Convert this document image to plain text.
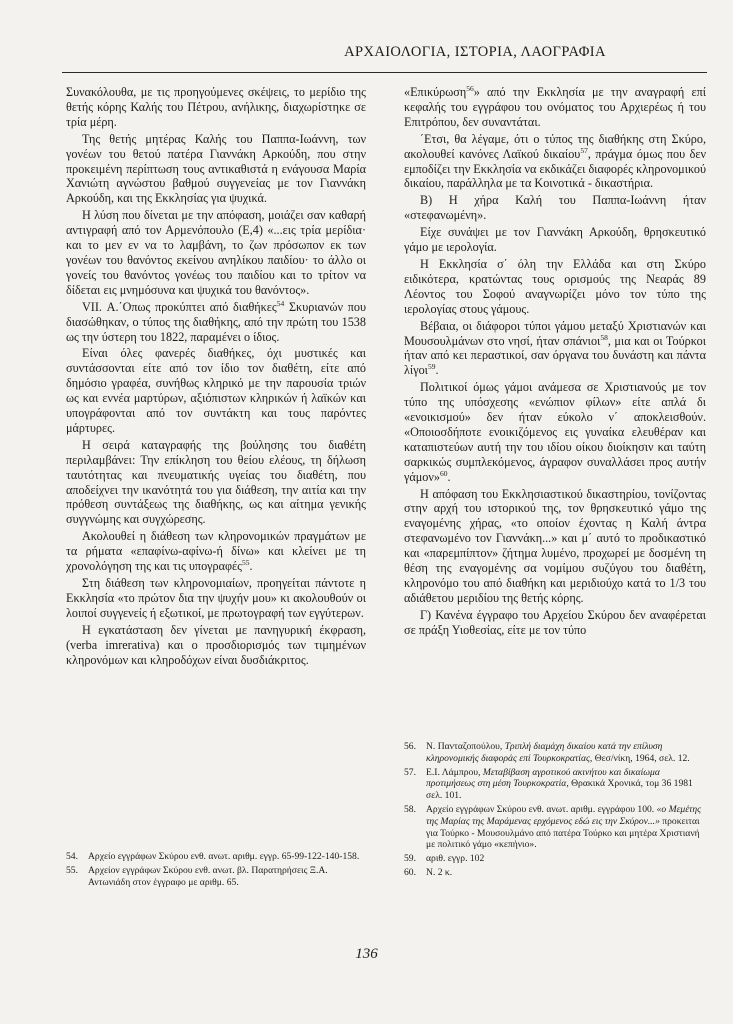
ΑΡΧΑΙΟΛΟΓΙΑ, ΙΣΤΟΡΙΑ, ΛΑΟΓΡΑΦΙΑ

Συνακόλουθα, με τις προηγούμενες σκέψεις, το μερίδιο της θετής κόρης Καλής του Πέτρου, ανήλικης, διαχωρίστηκε σε τρία μέρη.

Της θετής μητέρας Καλής του Παππα-Ιωάννη, των γονέων του θετού πατέρα Γιαννάκη Αρκούδη, που στην προκειμένη περίπτωση τους αντικαθιστά η ενάγουσα Μαρία Χανιώτη αγνώστου βαθμού συγγενείας με τον Γιαννάκη Αρκούδη, και της Εκκλησίας για ψυχικά.

Η λύση που δίνεται με την απόφαση, μοιάζει σαν καθαρή αντιγραφή από τον Αρμενόπουλο (Ε,4) «...εις τρία μερίδια· και το μεν εν να το λαμβάνη, το ζων πρόσωπον εκ των γονέων του θανόντος εκείνου ανηλίκου παιδίου· το άλλο οι γονείς του θανόντος γονέως του παιδίου και το τρίτον να δίδεται εις μνημόσυνα και ψυχικά του θανόντος».

VII. Α.΄Οπως προκύπτει από διαθήκες$^{54}$ Σκυριανών που διασώθηκαν, ο τύπος της διαθήκης, από την πρώτη του 1538 ως την ύστερη του 1822, παραμένει ο ίδιος.

Είναι όλες φανερές διαθήκες, όχι μυστικές και συντάσσονται είτε από τον ίδιο τον διαθέτη, είτε από δημόσιο γραφέα, συνήθως κληρικό με την παρουσία τριών ως και εννέα μαρτύρων, αξιόπιστων κληρικών ή λαϊκών και υπογράφονται από τον συντάκτη και τους παρόντες μάρτυρες.

Η σειρά καταγραφής της βούλησης του διαθέτη περιλαμβάνει: Την επίκληση του θείου ελέους, τη δήλωση ταυτότητας και πνευματικής υγείας του διαθέτη, που αποδείχνει την ικανότητά του για διάθεση, την αιτία και την πρόθεση συντάξεως της διαθήκης, ως και αίτημα γενικής συγγνώμης και συγχώρεσης.

Ακολουθεί η διάθεση των κληρονομικών πραγμάτων με τα ρήματα «επαφίνω-αφίνω-ή δίνω» και κλείνει με τη χρονολόγηση της και τις υπογραφές$^{55}$.

Στη διάθεση των κληρονομιαίων, προηγείται πάντοτε η Εκκλησία «το πρώτον δια την ψυχήν μου» κι ακολουθούν οι λοιποί συγγενείς ή εξωτικοί, με πρωτογραφή των εγγύτερων.

Η εγκατάσταση δεν γίνεται με πανηγυρική έκφραση, (verba imrerativa) και ο προσδιορισμός των τιμημένων κληρονόμων και κληροδόχων είναι δυσδιάκριτος.

«Επικύρωση$^{56}$» από την Εκκλησία με την αναγραφή επί κεφαλής του εγγράφου του ονόματος του Αρχιερέως ή του Επιτρόπου, δεν συναντάται.

΄Ετσι, θα λέγαμε, ότι ο τύπος της διαθήκης στη Σκύρο, ακολουθεί κανόνες Λαϊκού δικαίου$^{57}$, πράγμα όμως που δεν εμποδίζει την Εκκλησία να εκδικάζει διαφορές κληρονομικού δικαίου, παράλληλα με τα Κοινοτικά - δικαστήρια.

Β) Η χήρα Καλή του Παππα-Ιωάννη ήταν «στεφανωμένη».

Είχε συνάψει με τον Γιαννάκη Αρκούδη, θρησκευτικό γάμο με ιερολογία.

Η Εκκλησία σ΄ όλη την Ελλάδα και στη Σκύρο ειδικότερα, κρατώντας τους ορισμούς της Νεαράς 89 Λέοντος του Σοφού αναγνωρίζει μόνο τον τύπο της ιερολογίας στους γάμους.

Βέβαια, οι διάφοροι τύποι γάμου μεταξύ Χριστιανών και Μουσουλμάνων στο νησί, ήταν σπάνιοι$^{58}$, μια και οι Τούρκοι ήταν από κει περαστικοί, σαν όργανα του δυνάστη και πάντα λίγοι$^{59}$.

Πολιτικοί όμως γάμοι ανάμεσα σε Χριστιανούς με τον τύπο της υπόσχεσης «ενώπιον φίλων» είτε απλά δι «ενοικισμού» δεν ήταν εύκολο ν΄ αποκλεισθούν. «Οποιοσδήποτε ενοικιζόμενος εις γυναίκα ελευθέραν και καταπιστεύων αυτή την του ιδίου οίκου διοίκησιν και ταύτη σαρκικώς συμπλεκόμενος, άγραφον συναλλάσει προς αυτήν γάμον»$^{60}$.

Η απόφαση του Εκκλησιαστικού δικαστηρίου, τονίζοντας στην αρχή του ιστορικού της, τον θρησκευτικό γάμο της εναγομένης χήρας, «το οποίον έχοντας η Καλή άντρα στεφανωμένο τον Γιαννάκη...» και μ΄ αυτό το προδικαστικό και «παρεμπίπτον» ζήτημα λυμένο, προχωρεί με δοσμένη τη θέση της εναγομένης σα νομίμου συζύγου του διαθέτη, κληρονόμο του από διαθήκη και μεριδιούχο κατά το 1/3 του αδιάθετου μεριδίου της θετής κόρης.

Γ) Κανένα έγγραφο του Αρχείου Σκύρου δεν αναφέρεται σε πράξη Υιοθεσίας, είτε με τον τύπο

54.	Αρχείο εγγράφων Σκύρου ενθ. ανωτ. αριθμ. εγγρ. 65-99-122-140-158.
55.	Αρχείον εγγράφων Σκύρου ενθ. ανωτ. βλ. Παρατηρήσεις Ξ.Α. Αντωνιάδη στον έγγραφο με αριθμ. 65.
56.	Ν. Πανταζοπούλου, Τριπλή διαμάχη δικαίου κατά την επίλυση κληρονομικής διαφοράς επί Τουρκοκρατίας, Θεσ/νίκη, 1964, σελ. 12.
57.	Ε.Ι. Λάμπρου, Μεταβίβαση αγροτικού ακινήτου και δικαίωμα προτιμήσεως στη μέση Τουρκοκρατία, Θρακικά Χρονικά, τομ 36 1981 σελ. 101.
58.	Αρχείο εγγράφων Σκύρου ενθ. ανωτ. αριθμ. εγγράφου 100. «ο Μεμέτης της Μαρίας της Μαράμενας ερχόμενος εδώ εις την Σκύρον...» προκειται για Τούρκο - Μουσουλμάνο από πατέρα Τούρκο και μητέρα Χριστιανή με πολιτικό γάμο «κεπήνιο».
59.	αριθ. εγγρ. 102
60.	Ν. 2 κ.
136
